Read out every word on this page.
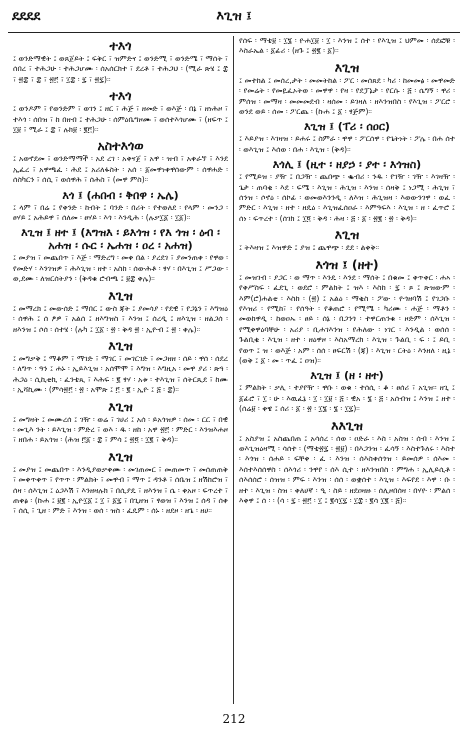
ደደደደ	እጊዝ ፤
ተእጎ
፤ ወንድማዊት ፤ ወጸጀይት ፤ ፍቅር ፣ ዝምድና ፤ ወንድሚ ፣ ወንድሜ ፣ ማሰት ፣ ሰበረ ፣ ተሕጋሁ ፡ ተሕጋሆሙ ፡ ሰአሰርክተ ፣ ደረቶ ፣ ተሕጋህ ፡ (ሚራ ጽሄ ፤ ፰ ፣ ፳፰ ፣ ፰ ፣ ፳፫ ፣ ፲፰ ፡ ፯ ፣ ፳፯)።
ተእጎ
፤ ወንዶም ፣ የወንድም ፣ ወገን ፤ ዘር ፣ ሕጅ ፣ ዘመድ ፣ ወእጅ ፡ በኔ ፣ ዘነሕዞ ፣ ተእጎ ፡ ሰበዝ ፣ ከ በዘብ ፤ ተሕጋሁ ፡ ሰምዕቤግዞሙ ፣ ወሰተእጎሆሙ ፣ (ዘፍጥ ፤ ፲፱ ፣ ሚራ ፤ ፰ ፣ ሉክ፱ ፡ ፪፫)።
አስተእጎወ
፤ አወኖደመ ፣ ወንድማማች ፡ አደ ረገ ፡ አቀናጀ ፣ አዋ ፡ ዝብ ፣ አቀራኘ ፣ እንደ ኢፈረ ፣ አዋጫፈ ፡ ሕደ ፤ አሪለፋስት ፡ አሰ ፡ ፩መዋነቀዋሰውም ፡ ሰዋሐድ ፡ ሰስካርን ፣ ሰሲ ፣ ወሰዋሕ ፣ ሰሕስ ፣ (መዋ ምስ)።
እጎ ፤ (ሐበብ ፡ ቅበዋ ፡ ኤሌ)
፤ ላም ፣ በሬ ፤ የቀንድ ፡ ከብት ፤ ባንድ ፡ በሪት ፡ የተወለደ ፡ የላም ፡ መንጋ ፡ ፀሃይ ፤ አሕይዋ ፣ ሰለመ ፡ ፀሃይ ፡ እጎ ፡ እንዲሕ ፡ (ሉቃ፲፩ ፡ ፲፩)።
እጊዝ ፤ ዘተ ፤ (እግዝእ ፡ ይእጎዝ ፡ የእ ጎዝ ፡ ዕብ ፡ አሐዝ ፡ ሱር ፡ ኤሐዝ ፡ ዐረ ፡ አሐዝ)
፤ መያዝ ፣ መጨበጥ ፣ እጅ ፡ ማድረግ ፡ መቀ በል ፡ ያረደገ ፣ ያመንጠቀ ፡ የዋወ ፡ የመድሃ ፡ እንገዝዎ ፣ ሕእጊዝ ፡ ዘተ ፡ አስከ ፡ ሰውሕቶ ፡ ፃሃ ፡ በእጊዝ ፤ ሥጋው ፡ ወ,ደሙ ፡ ለዝርሰትያን ፡ (ቅዳቁ ሮብጫ ፤ ፱፰ ቀሌ)።
እጊዝ
፤ መማረክ ፤ መውሰድ ፤ ማበር ፤ ውስ ጃት ፤ ያመሳያ ፡ የደዊ ፣ የጋኔን ፣ እግዝዕ ፡ ሰዋሕ ፤ ሰ ፆዎ ፣ አልሰ ፤ ዘእግዝስ ፣ እንዝ ፤ ሰረዲ ፤ ዘእጊዝ ፡ ዘልጋሰ ፡ ዘእንዝ ፤ ሶሰ ፡ ሰተሄ ፡ (ሉካ ፤ ፲፩ ፡ ፳ ፡ ቅዳ ፳ ፡ ኢዮብ ፤ ፳ ፡ ቀሌ)።
እጊዝ
፤ መግቃቅ ፤ ማቆም ፣ ማገድ ፣ ማገር ፣ መገርገድ ፣ መጋዘዘ ፡ ሰይ ፡ ዋሰ ፡ ሰደረ ፡ ለግጥ ፡ ዓን ፤ ሐኑ ፡ ኢይእጊዝ ፡ አሰሞሞ ፣ እግዝ ፡ እግዚአ ፡ መዋ ያሪ ፡ ጽጓ ፡ ሕጋዕ ፡ ሲኪቲኪ ፡ ፈንቴጲ ፣ እሕፍ ፡ ፪ ፃሃ ፡ አቱ ፡ ተእጊዝ ፣ ሰትርጺደ ፣ ከሙ ፡ ኢሻኪሙ ፡ (ምሳ፳፫ ፡ ፳ ፡ አሞጽ ፤ ፫ ፡ ፪ ፡ ኢዮ ፤ ፭ ፡ ፰)።
እጊዝ
፤ መግዛት ፤ መሙረሰ ፤ ገዥ ፡ ወሬ ፣ ገሀሪ ፤ አሰ ፡ ይአጎዝዎ ፡ ሰመ ፡ ርር ፣ በዊ ፡ መጊእ ንት ፡ ይእጊዝ ፡ ምድረ ፣ ወእ ፡ ዱ ፡ ዘከ ፡ አዋ ፳፫ ፡ ምድር ፡ እንዝእሐዞ ፣ ዘበሐ ፡ ይአጎዝ ፡ (ሕዝ ፫፩ ፡ ፰ ፣ ምሳ ፤ ፳፬ ፡ ፲፪ ፣ ቅዳ)።
እጊዝ
፤ መያዝ ፤ መጨበጥ ፡ እንዲያወቃቀሙ ፡ መገጠመር ፣ መጠመጥ ፣ መሰጠጠቅ ፣ መቀጥቀጥ ፣ የጥጥ ፡ ምልክት ፣ መዋብ ፣ ማጥ ፤ ዳንቶ ፣ ሰቤዝ ፤ ዘሽከሮዝ ፣ ሰዛ ፡ ሰእጊዝ ፤ ዕጋእሽ ፣ እንዘዛሉክ ፣ በሲያዴ ፣ ዘእንዝ ፣ ሴ ፡ ቀአዞ ፡ ፍጥረተ ፣ ጠቀፅ ፡ (ኩሐ ፤ ፱፪ ፡ ኢዮ፲፩ ፤ ፲ ፣ ፩፯ ፣ በጊዘዝ ፣ ፃወዝ ፣ እንዝ ፤ ሰዳ ፣ ሰቀ ፣ ሰሲ ፣ ጊዘ ፡ ምድ ፣ እንዝ ፡ ወሰ ፡ ዝስ ፡ ፈዴም ፡ ሰኑ ፡ ዘደዞ ፡ ዘጌ ፡ ዘሀ።
የሰፍ ፡ ማቴ፱ ፡ ፲፮ ፡ ዮሐ፲፱ ፡ ፲ ፡ እንዝ ፤ ሰተ ፡ የእጊዝ ፤ ህምመ ፡ ሰደፎቹ ፡ እስራኤል ፡ ፩ፊሪ ፡ (ዘጉ ፤ ፳፪ ፡ ፩)።
እጊዝ
፤ መተከል ፤ መሰረ,ታት ፡ መመትከል ፡ ፖር ፡ መሰጸደ ፡ ካሪ ፡ ከመመፅ ፡ መዋመድ ፡ የመሬት ፡ የመዬፈኦትወ ፡ መዋዋ ፡ የዛ ፡ የደፓኔታ ፡ የርሱ ፡ ፭ ፡ ሴግኝ ፡ ዋሪ ፡ ምሰዝ ፡ መማዛ ፡ መመመደብ ፡ ዛሰመ ፡ ይገዛለ ፡ ዘእንዝበስ ፡ የእጊዝ ፡ ፖርሮ ፡ ወንደ ወይ ፡ ሰመ ፡ ፖርጨ ፡ (ኩሐ ፤ ፩ ፡ ፃጅም)።
እጊዝ ፤ (ፐሪ ፡ ሰዐር)
፤ እይያዝ ፡ እገዛዝ ፡ ይሐሩ ፤ ስምራ ፡ ዋዋ ፡ ፖርሰዋ ፡ የጌትነት ፡ ፖሌ ፡ በሐ ሰተ ፡ ወእጊዝ ፤ እሰወ ፡ በሐ ፡ እጊዝ ፡ (ቅዳ)።
እጎሊ ፤ (ዚተ ፡ ዘያኃ ፡ ያተ ፡ እጎዝስ)
፤ የሚይዝ ፡ ያዥ ፤ በጋዥ ፡ ጨበጭ ፡ ቈብሪ ፡ ንዱ ፡ የገዥ ፡ ገዥ ፡ እገዛዥ ፡ ጌታ ፡ ጠባቂ ፡ እደ ፡ ፍሜ ፡ እጊዝ ፡ ሕጊዝ ፡ እንዝ ፡ ሰዛቅ ፤ ነጋሚ ፡ ሕጊዝ ፣ ሰንዝ ፡ ሶኖዕ ፡ ሰኮፊ ፡ ወመወእንንዲ ፡ ለእዝ ፡ ሕጊዝዛ ፡ እወውንገዋ ፡ ወፈ ፡ ምድር ፡ እጊዝ ፡ ዘተ ፡ ዘዴዕ ፡ እጊዝፈሰዐራ ፡ እምዓፍእ ፡ እጊዝ ፡ ዘ ፡ ፈጥሮ ፤ ሰነ ፡ ፍጥረተ ፡ (ሰገክ ፤ ፲፬ ፡ ቅዳ ፡ ሕዛ ፡ ፭ ፡ ፩ ፡ ፳፪ ፡ ፳ ፡ ቅዳ)።
እጊዝ
፤ ትእዛዝ ፤ እዝዋድ ፤ ያዝ ፤ ጨዋጭ ፡ ደደ ፡ ልቀቅ።
እጎዝ ፤ (ዘተ)
፤ መዝገብ ፡ ያጋር ፡ ወ ማጥ ፡ እንዴ ፡ እንደ ፡ ማሰት ፤ በቁመ ፤ ቀጥቀር ፡ ሐኣ ፡ የቀሥስፍ ፡ ፈደጊ ፡ ወደሮ ፡ ምልክት ፤ ዝእ ፡ እስከ ፡ ፯ ፡ ጾ ፤ ጽዝውም ፡ እም(ሮ)ሐልቲ ፡ እስከ ፡ (፳) ፤ አልዕ ፡ ማቂስ ፡ ፖው ፡ ዮጎዘባሽ ፤ የገጋቡ ፡ የእዝሪ ፡ የሚከ፣ ፡ የሰዓት ፡ የቆጠሮ ፡ የሚሜ ፡ ካሪሙ ፡ ሐጅ ፡ ማቶን ፡ መወከዋዲ ፡ ከወዐኡ ፡ ፀይ ፡ ሰኔ ፡ በጋንጎ ፡ ተዋርጠንቁ ፡ ዞድም ፡ ሰእጊዝ ፡ የሚቀዋዕባቸሁ ፡ አሪያ ፡ ቢሐገእንዝ ፡ የሕለው ፡ ነገር ፡ እንዲል ፡ ወሰሰ ፡ ጉልቢቂ ፡ እጊዝ ፡ ዘተ ፡ ዘዕዋዞ ፡ እስአማረክ ፡ እጊዝ ፡ ጉልቢ ፡ ፍ ፡ ፤ ይቢ ፡ የወጥ ፤ ዝ ፡ ወእጅ ፡ አም ፡ ሰሰ ፡ ፀፍርሽ ፡ (ጃ) ፡ እጊዝ ፡ ርትዕ ፡ እንዘለ ፡ ዚኔ ፡ (ወቅ ፤ ፩ ፡ መ ፡ ጥፈ ፤ ዐዝ)።
እጊዝ ፤ (ዘ ፡ ዘተ)
፤ ምልክት ፡ ቃሊ ፡ ተያየዥ ፡ ዋቡ ፡ ወቁ ፡ ተሰሲ ፡ ቆ ፡ ፀሰሪ ፣ አጊዝ፡፡ ዘጊ ፤ ፩ፊሮ ፣ ፲ ፡ ሁ ፡ እዉፈኔ ፡ ፲ ፡ ፲፱ ፡ ፭ ፡ ዊአ ፡ ፮ ፡ ፭ ፡ አሰብዝ ፤ እንዝ ፤ ዘተ ፡ (ሰሬ፱ ፡ ቀዌ ፤ ሰሪ ፡ ፩ ፡ ፳ ፡ ፲፮ ፡ ፮ ፡ ፲፯)።
እእጊዝ
፤ አስያዝ ፤ አስጨበጠ ፤ አሳሰረ ፡ ሰወ ፡ ዐድራ ፡ እስ ፡ አስዝ ፡ ሰብ ፡ እንዝ ፤ ወእጊዝዕዛሚ ፡ ሳሰተ ፡ (ማቴ፳፯ ፡ ፳፱) ፡ በእጋንዝ ፡ ፈሳኝ ፡ እስተጉለሩ ፡ እስተ ፡ እጎዝ ፡ ሰሐይ ፡ ፍቸቀ ፡ ፈ ፡ እንዝ ፡ ሰእስቀሰጎዝ ፡ ይመሰዎ ፡ ሰእመ ፡ እሰተእሰሰዋስ ፡ ሰእጎሪ ፡ ንዋየ ፡ ሰእ ሲተ ፡ ዘእንዝበስ ፡ ምግሐ ፡ ኢሊይሲቶ ፡ ሰእሰሰሮ ፡ ሰዝዝ ፡ ምፍ ፡ እንዝ ፡ ሰሰ ፡ ወቋሰተ ፡ እጊዝ ፡ እፍየደ ፡ እዋ ፡ ቡ ፡ ዘተ ፡ እጊዝ ፡ ስዝ ፡ ቀለሀኛ ፡ ዒ ፡ ስይ ፡ ዘደዐዛዙ ፡ ሰሊዞበሰዛ ፡ በሃዮ ፡ ምልሰ ፡ እቀዋ ፤ ሰ ፡ ፡ (ሳ ፡ ፯ ፡ ፳፫ ፡ ፲ ፤ ፪ሳ፲፯ ፡ ፲፰ ፡ ፪ሳ ፲፪ ፡ ፭)።
212
